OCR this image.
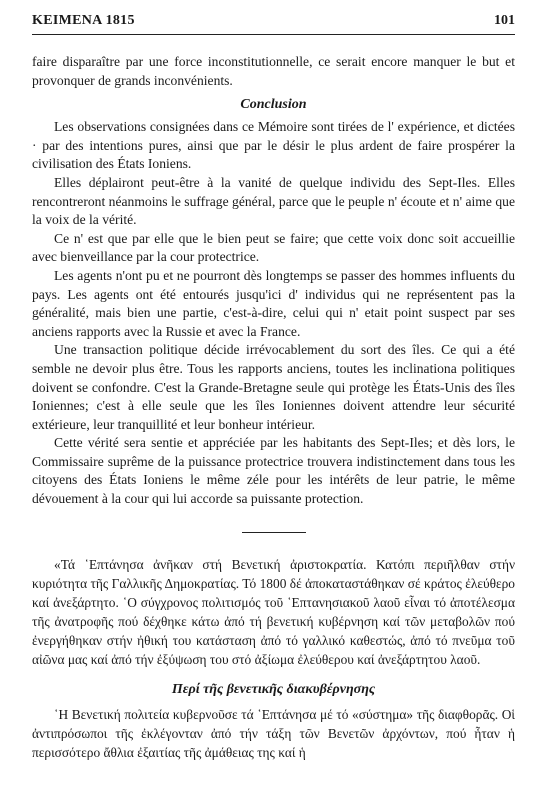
ΚΕΙΜΕΝΑ 1815	101

faire disparaître par une force inconstitutionnelle, ce serait encore manquer le but et provonquer de grands inconvénients.

Conclusion

Les observations consignées dans ce Mémoire sont tirées de l' expérience, et dictées · par des intentions pures, ainsi que par le désir le plus ardent de faire prospérer la civilisation des États Ioniens.

Elles déplairont peut-être à la vanité de quelque individu des Sept-Iles. Elles rencontreront néanmoins le suffrage général, parce que le peuple n' écoute et n' aime que la voix de la vérité.

Ce n' est que par elle que le bien peut se faire; que cette voix donc soit accueillie avec bienveillance par la cour protectrice.

Les agents n'ont pu et ne pourront dès longtemps se passer des hommes influents du pays. Les agents ont été entourés jusqu'ici d' individus qui ne représentent pas la généralité, mais bien une partie, c'est-à-dire, celui qui n' etait point suspect par ses anciens rapports avec la Russie et avec la France.

Une transaction politique décide irrévocablement du sort des îles. Ce qui a été semble ne devoir plus être. Tous les rapports anciens, toutes les inclinationa politiques doivent se confondre. C'est la Grande-Bretagne seule qui protège les États-Unis des îles Ioniennes; c'est à elle seule que les îles Ioniennes doivent attendre leur sécurité extérieure, leur tranquillité et leur bonheur intérieur.

Cette vérité sera sentie et appréciée par les habitants des Sept-Iles; et dès lors, le Commissaire suprême de la puissance protectrice trouvera indistinctement dans tous les citoyens des États Ioniens le même zéle pour les intérêts de leur patrie, le même dévouement à la cour qui lui accorde sa puissante protection.

«Τά ῾Επτάνησα ἀνῆκαν στή Βενετική ἀριστοκρατία. Κατόπι περιῆλθαν στήν κυριότητα τῆς Γαλλικῆς Δημοκρατίας. Τό 1800 δέ ἀποκαταστάθηκαν σέ κράτος ἐλεύθερο καί ἀνεξάρτητο. ῾Ο σύγχρονος πολιτισμός τοῦ ῾Επτανησιακοῦ λαοῦ εἶναι τό ἀποτέλεσμα τῆς ἀνατροφῆς πού δέχθηκε κάτω ἀπό τή βενετική κυβέρνηση καί τῶν μεταβολῶν πού ἐνεργήθηκαν στήν ἠθική του κατάσταση ἀπό τό γαλλικό καθεστώς, ἀπό τό πνεῦμα τοῦ αἰῶνα μας καί ἀπό τήν ἐξύψωση του στό ἀξίωμα ἐλεύθερου καί ἀνεξάρτητου λαοῦ.

Περί τῆς βενετικῆς διακυβέρνησης

῾Η Βενετική πολιτεία κυβερνοῦσε τά ῾Επτάνησα μέ τό «σύστημα» τῆς διαφθορᾶς. Οἱ ἀντιπρόσωποι τῆς ἐκλέγονταν ἀπό τήν τάξη τῶν Βενετῶν ἀρχόντων, πού ἦταν ἡ περισσότερο ἄθλια ἐξαιτίας τῆς ἀμάθειας της καί ἡ
